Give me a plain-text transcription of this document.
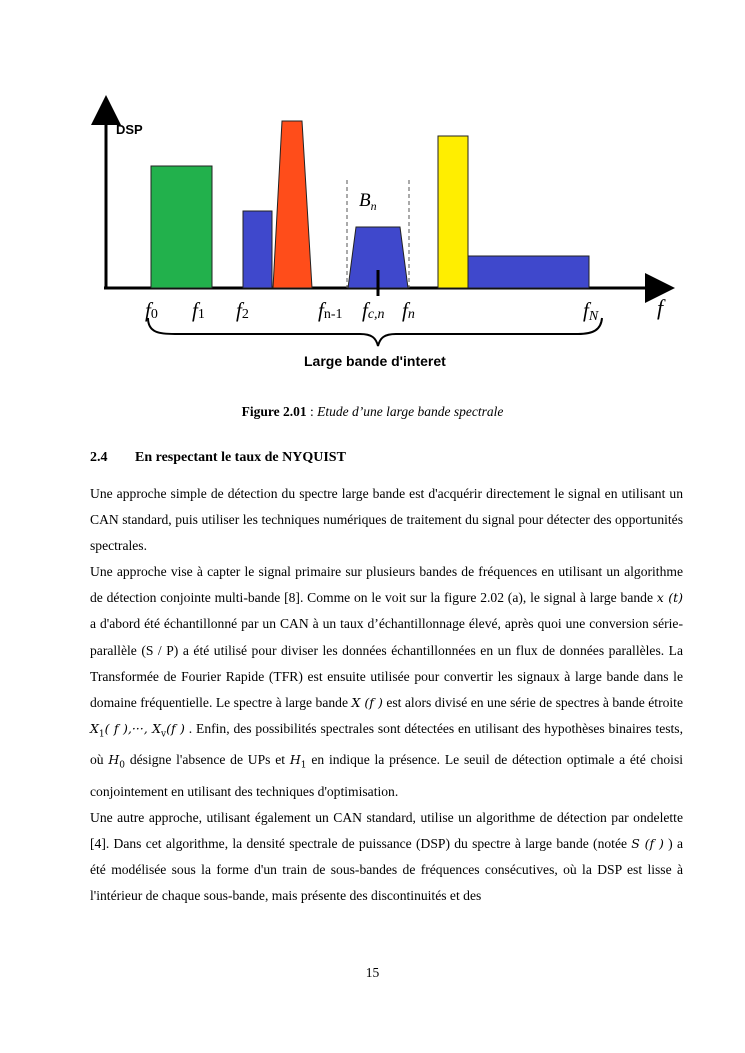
DSP
$B_n$
f0 f1 f2	fn-1 fc,n fn	fN	f
Large bande d'interet
Figure 2.01 : Etude d’une large bande spectrale
2.4 En respectant le taux de NYQUIST

Une approche simple de détection du spectre large bande est d'acquérir directement le signal en utilisant un CAN standard, puis utiliser les techniques numériques de traitement du signal pour détecter des opportunités spectrales.

Une approche vise à capter le signal primaire sur plusieurs bandes de fréquences en utilisant un algorithme de détection conjointe multi-bande [8]. Comme on le voit sur la figure 2.02 (a), le signal à large bande x (t) a d'abord été échantillonné par un CAN à un taux d’échantillonnage élevé, après quoi une conversion série-parallèle (S / P) a été utilisé pour diviser les données échantillonnées en un flux de données parallèles. La Transformée de Fourier Rapide (TFR) est ensuite utilisée pour convertir les signaux à large bande dans le domaine fréquentielle. Le spectre à large bande X (f ) est alors divisé en une série de spectres à bande étroite $X_1$( f ),···, $X_v(f$ ) . Enfin, des possibilités spectrales sont détectées en utilisant des hypothèses binaires tests, où $H_0$ désigne l'absence de UPs et $H_1$ en indique la présence. Le seuil de détection optimale a été choisi conjointement en utilisant des techniques d'optimisation.

Une autre approche, utilisant également un CAN standard, utilise un algorithme de détection par ondelette [4]. Dans cet algorithme, la densité spectrale de puissance (DSP) du spectre à large bande (notée S (f ) ) a été modélisée sous la forme d'un train de sous-bandes de fréquences consécutives, où la DSP est lisse à l'intérieur de chaque sous-bande, mais présente des discontinuités et des

15
